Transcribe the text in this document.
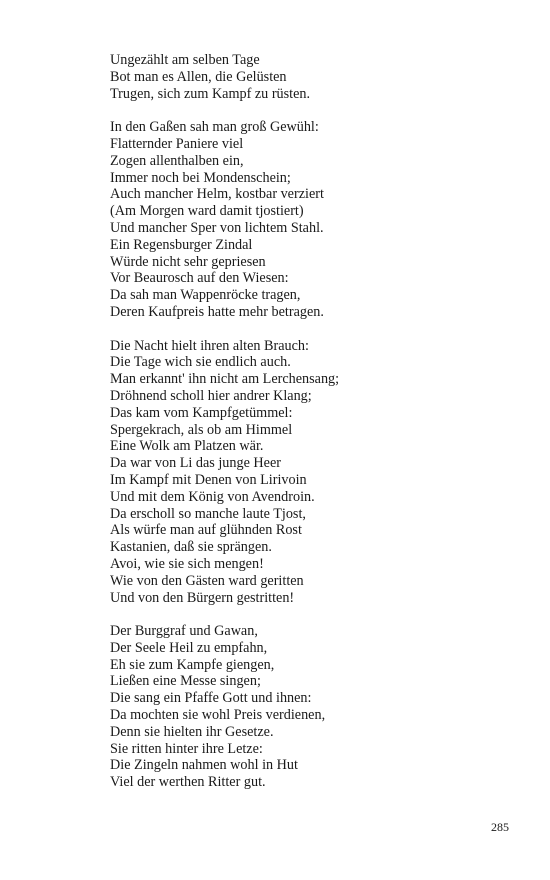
Ungezählt am selben Tage
Bot man es Allen, die Gelüsten
Trugen, sich zum Kampf zu rüsten.
In den Gaßen sah man groß Gewühl:
Flatternder Paniere viel
Zogen allenthalben ein,
Immer noch bei Mondenschein;
Auch mancher Helm, kostbar verziert
(Am Morgen ward damit tjostiert)
Und mancher Sper von lichtem Stahl.
Ein Regensburger Zindal
Würde nicht sehr gepriesen
Vor Beaurosch auf den Wiesen:
Da sah man Wappenröcke tragen,
Deren Kaufpreis hatte mehr betragen.
Die Nacht hielt ihren alten Brauch:
Die Tage wich sie endlich auch.
Man erkannt' ihn nicht am Lerchensang;
Dröhnend scholl hier andrer Klang;
Das kam vom Kampfgetümmel:
Spergekrach, als ob am Himmel
Eine Wolk am Platzen wär.
Da war von Li das junge Heer
Im Kampf mit Denen von Lirivoin
Und mit dem König von Avendroin.
Da erscholl so manche laute Tjost,
Als würfe man auf glühnden Rost
Kastanien, daß sie sprängen.
Avoi, wie sie sich mengen!
Wie von den Gästen ward geritten
Und von den Bürgern gestritten!
Der Burggraf und Gawan,
Der Seele Heil zu empfahn,
Eh sie zum Kampfe giengen,
Ließen eine Messe singen;
Die sang ein Pfaffe Gott und ihnen:
Da mochten sie wohl Preis verdienen,
Denn sie hielten ihr Gesetze.
Sie ritten hinter ihre Letze:
Die Zingeln nahmen wohl in Hut
Viel der werthen Ritter gut.
285
